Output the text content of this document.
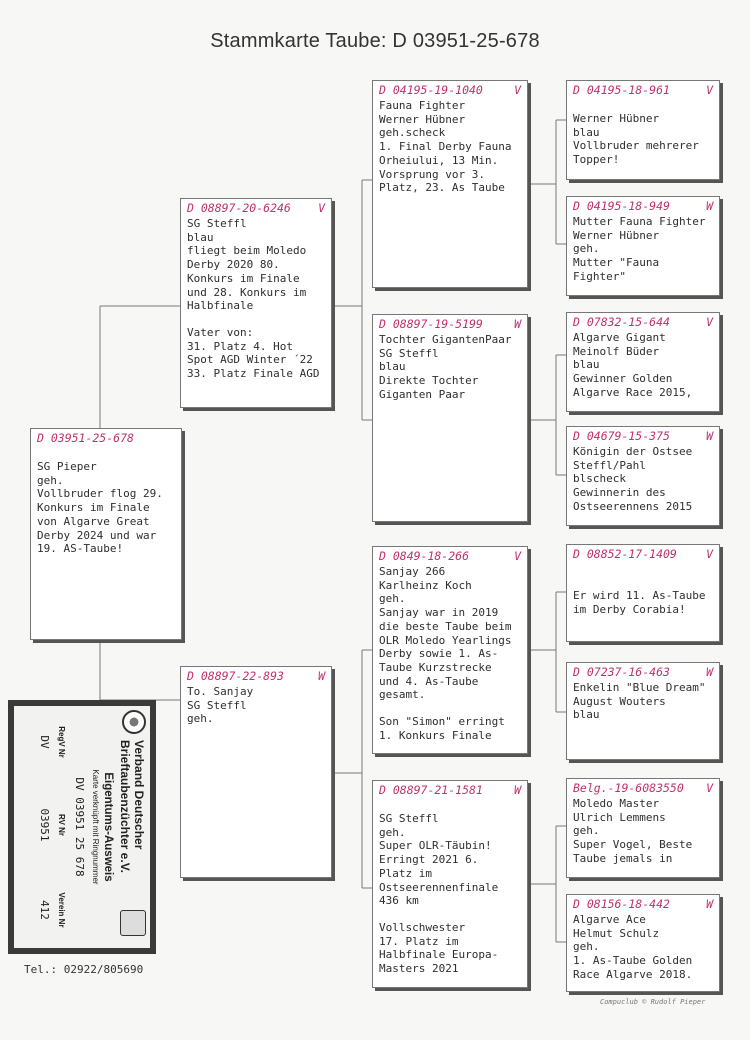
Stammkarte Taube: D 03951-25-678
D 03951-25-678
SG Pieper
geh.
Vollbruder flog 29.
Konkurs im Finale
von Algarve Great
Derby 2024 und war
19. AS-Taube!
D 08897-20-6246 V
SG Steffl
blau
fliegt beim Moledo
Derby 2020 80.
Konkurs im Finale
und 28. Konkurs im
Halbfinale
Vater von:
31. Platz 4. Hot
Spot AGD Winter ´22
33. Platz Finale AGD
D 08897-22-893	W
To. Sanjay
SG Steffl
geh.
D 04195-19-1040	V
Fauna Fighter
Werner Hübner
geh.scheck
1. Final Derby Fauna
Orheiului, 13 Min.
Vorsprung vor 3.
Platz, 23. As Taube
D 08897-19-5199	W
Tochter GigantenPaar
SG Steffl
blau
Direkte Tochter
Giganten Paar
D 0849-18-266	V
Sanjay 266
Karlheinz Koch
geh.
Sanjay war in 2019
die beste Taube beim
OLR Moledo Yearlings
Derby sowie 1. As-
Taube Kurzstrecke
und 4. As-Taube
gesamt.
Son "Simon" erringt
1. Konkurs Finale
D 08897-21-1581	W
SG Steffl
geh.
Super OLR-Täubin!
Erringt 2021 6.
Platz im
Ostseerennenfinale
436 km
Vollschwester
17. Platz im
Halbfinale Europa-
Masters 2021
D 04195-18-961	V
Werner Hübner
blau
Vollbruder mehrerer
Topper!
D 04195-18-949	W
Mutter Fauna Fighter
Werner Hübner
geh.
Mutter "Fauna
Fighter"
D 07832-15-644	V
Algarve Gigant
Meinolf Büder
blau
Gewinner Golden
Algarve Race 2015,
D 04679-15-375	W
Königin der Ostsee
Steffl/Pahl
blscheck
Gewinnerin des
Ostseerennens 2015
D 08852-17-1409	V
Er wird 11. As-Taube
im Derby Corabia!
D 07237-16-463	W
Enkelin "Blue Dream"
August Wouters
blau
Belg.-19-6083550 V
Moledo Master
Ulrich Lemmens
geh.
Super Vogel, Beste
Taube jemals in
D 08156-18-442	W
Algarve Ace
Helmut Schulz
geh.
1. As-Taube Golden
Race Algarve 2018.
Verband Deutscher
Brieftaubenzüchter e.V.
Eigentums-Ausweis
Karte verknüpft mit Ringnummer
DV 03951 25 678
RegV Nr
DV
RV Nr
03951
Verein Nr
412
Tel.: 02922/805690
Compuclub © Rudolf Pieper
